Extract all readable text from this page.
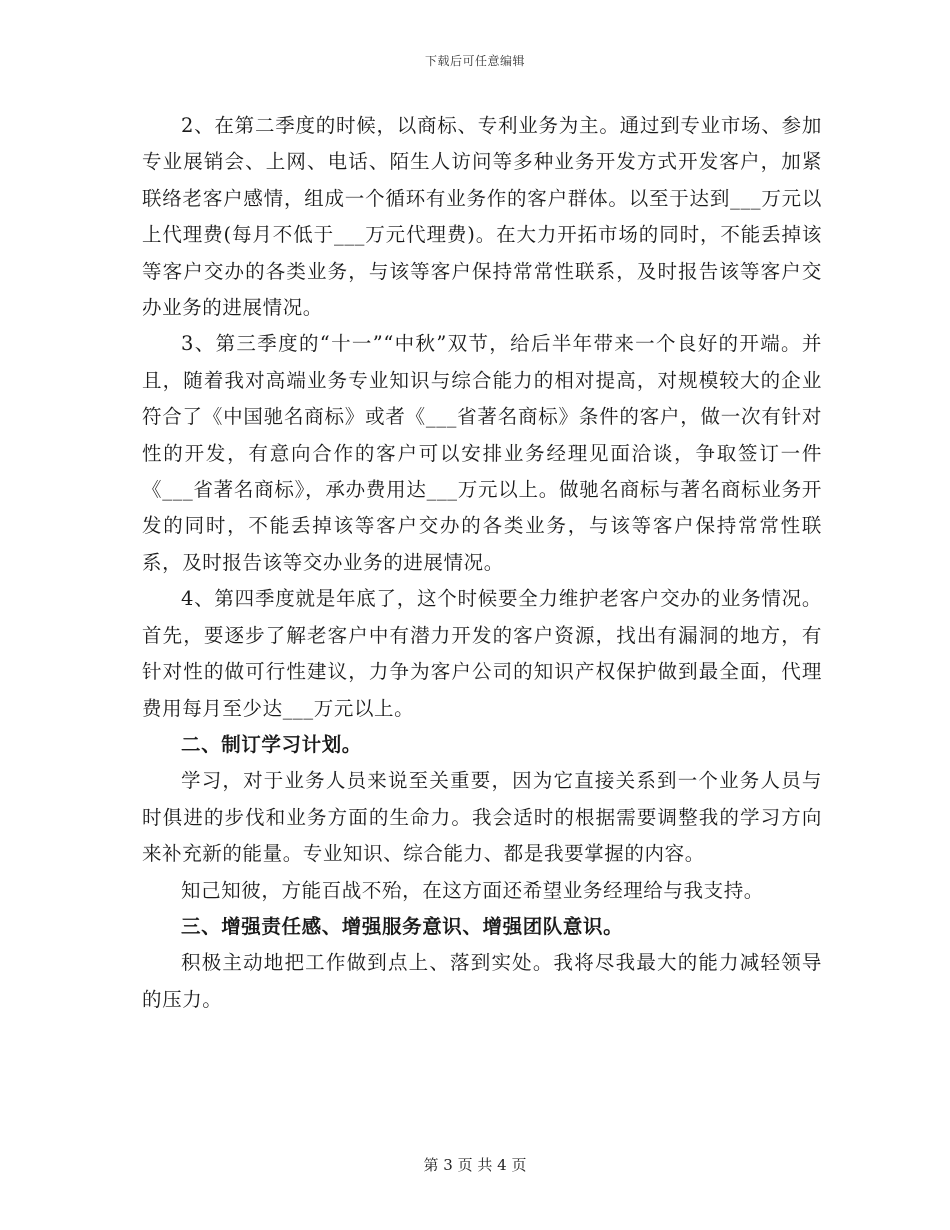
下载后可任意编辑

2、在第二季度的时候，以商标、专利业务为主。通过到专业市场、参加专业展销会、上网、电话、陌生人访问等多种业务开发方式开发客户，加紧联络老客户感情，组成一个循环有业务作的客户群体。以至于达到___万元以上代理费(每月不低于___万元代理费)。在大力开拓市场的同时，不能丢掉该等客户交办的各类业务，与该等客户保持常常性联系，及时报告该等客户交办业务的进展情况。

3、第三季度的“十一”“中秋”双节，给后半年带来一个良好的开端。并且，随着我对高端业务专业知识与综合能力的相对提高，对规模较大的企业符合了《中国驰名商标》或者《___省著名商标》条件的客户，做一次有针对性的开发，有意向合作的客户可以安排业务经理见面洽谈，争取签订一件《___省著名商标》，承办费用达___万元以上。做驰名商标与著名商标业务开发的同时，不能丢掉该等客户交办的各类业务，与该等客户保持常常性联系，及时报告该等交办业务的进展情况。

4、第四季度就是年底了，这个时候要全力维护老客户交办的业务情况。首先，要逐步了解老客户中有潜力开发的客户资源，找出有漏洞的地方，有针对性的做可行性建议，力争为客户公司的知识产权保护做到最全面，代理费用每月至少达___万元以上。

二、制订学习计划。

学习，对于业务人员来说至关重要，因为它直接关系到一个业务人员与时俱进的步伐和业务方面的生命力。我会适时的根据需要调整我的学习方向来补充新的能量。专业知识、综合能力、都是我要掌握的内容。

知己知彼，方能百战不殆，在这方面还希望业务经理给与我支持。

三、增强责任感、增强服务意识、增强团队意识。

积极主动地把工作做到点上、落到实处。我将尽我最大的能力减轻领导的压力。

第 3 页 共 4 页
